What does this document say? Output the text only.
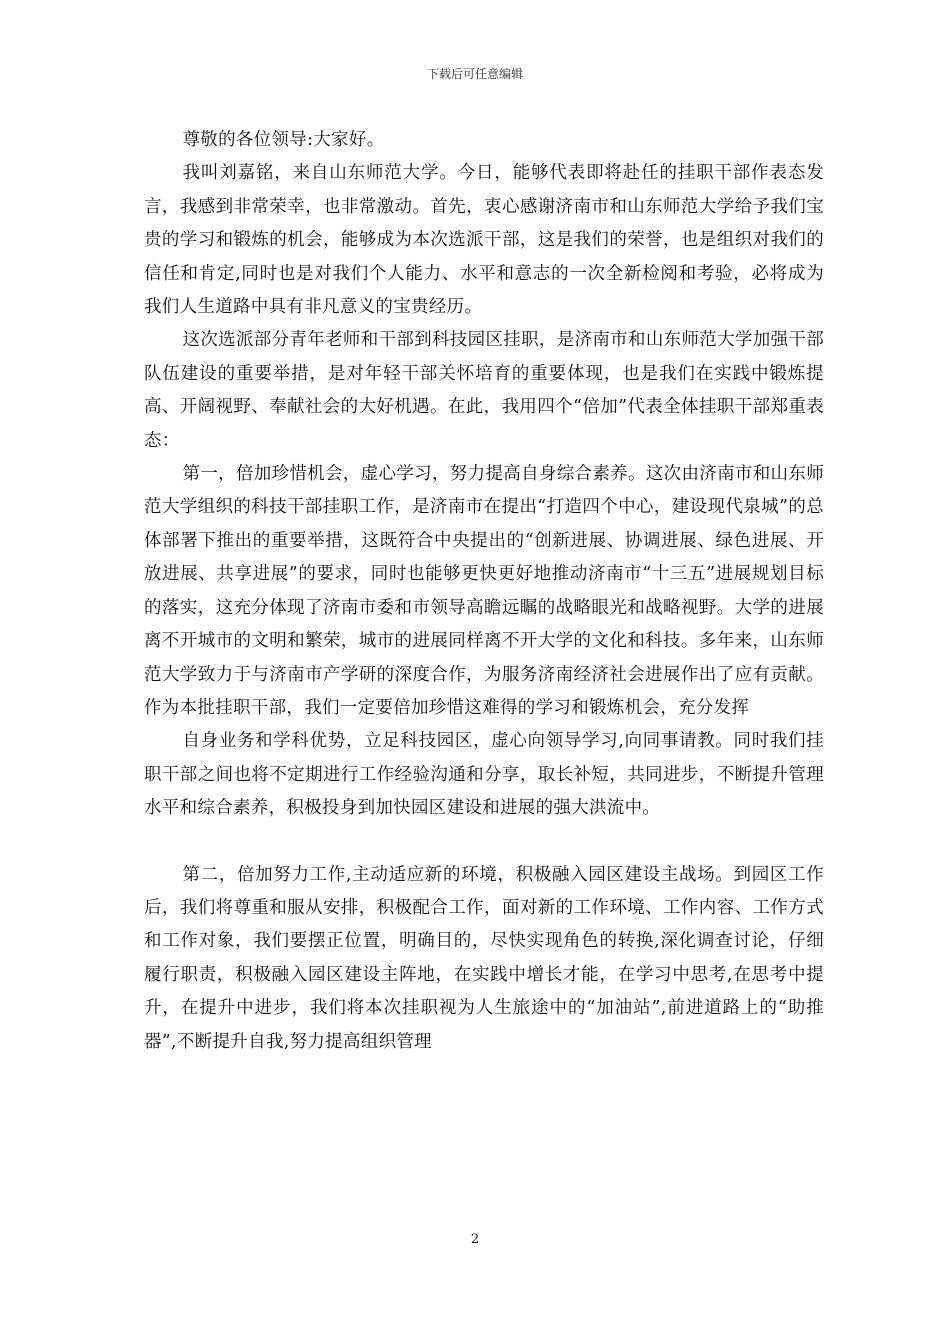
下载后可任意编辑

尊敬的各位领导:大家好。

我叫刘嘉铭，来自山东师范大学。今日，能够代表即将赴任的挂职干部作表态发言，我感到非常荣幸，也非常激动。首先，衷心感谢济南市和山东师范大学给予我们宝贵的学习和锻炼的机会，能够成为本次选派干部，这是我们的荣誉，也是组织对我们的信任和肯定,同时也是对我们个人能力、水平和意志的一次全新检阅和考验，必将成为我们人生道路中具有非凡意义的宝贵经历。

这次选派部分青年老师和干部到科技园区挂职，是济南市和山东师范大学加强干部队伍建设的重要举措，是对年轻干部关怀培育的重要体现，也是我们在实践中锻炼提高、开阔视野、奉献社会的大好机遇。在此，我用四个“倍加”代表全体挂职干部郑重表态：

第一，倍加珍惜机会，虚心学习，努力提高自身综合素养。这次由济南市和山东师范大学组织的科技干部挂职工作，是济南市在提出“打造四个中心，建设现代泉城”的总体部署下推出的重要举措，这既符合中央提出的“创新进展、协调进展、绿色进展、开放进展、共享进展”的要求，同时也能够更快更好地推动济南市“十三五”进展规划目标的落实，这充分体现了济南市委和市领导高瞻远瞩的战略眼光和战略视野。大学的进展离不开城市的文明和繁荣，城市的进展同样离不开大学的文化和科技。多年来，山东师范大学致力于与济南市产学研的深度合作，为服务济南经济社会进展作出了应有贡献。作为本批挂职干部，我们一定要倍加珍惜这难得的学习和锻炼机会，充分发挥

自身业务和学科优势，立足科技园区，虚心向领导学习,向同事请教。同时我们挂职干部之间也将不定期进行工作经验沟通和分享，取长补短，共同进步，不断提升管理水平和综合素养，积极投身到加快园区建设和进展的强大洪流中。

第二，倍加努力工作,主动适应新的环境，积极融入园区建设主战场。到园区工作后，我们将尊重和服从安排，积极配合工作，面对新的工作环境、工作内容、工作方式和工作对象，我们要摆正位置，明确目的，尽快实现角色的转换,深化调查讨论，仔细履行职责，积极融入园区建设主阵地，在实践中增长才能，在学习中思考,在思考中提升，在提升中进步，我们将本次挂职视为人生旅途中的“加油站”,前进道路上的“助推器”,不断提升自我,努力提高组织管理

2
